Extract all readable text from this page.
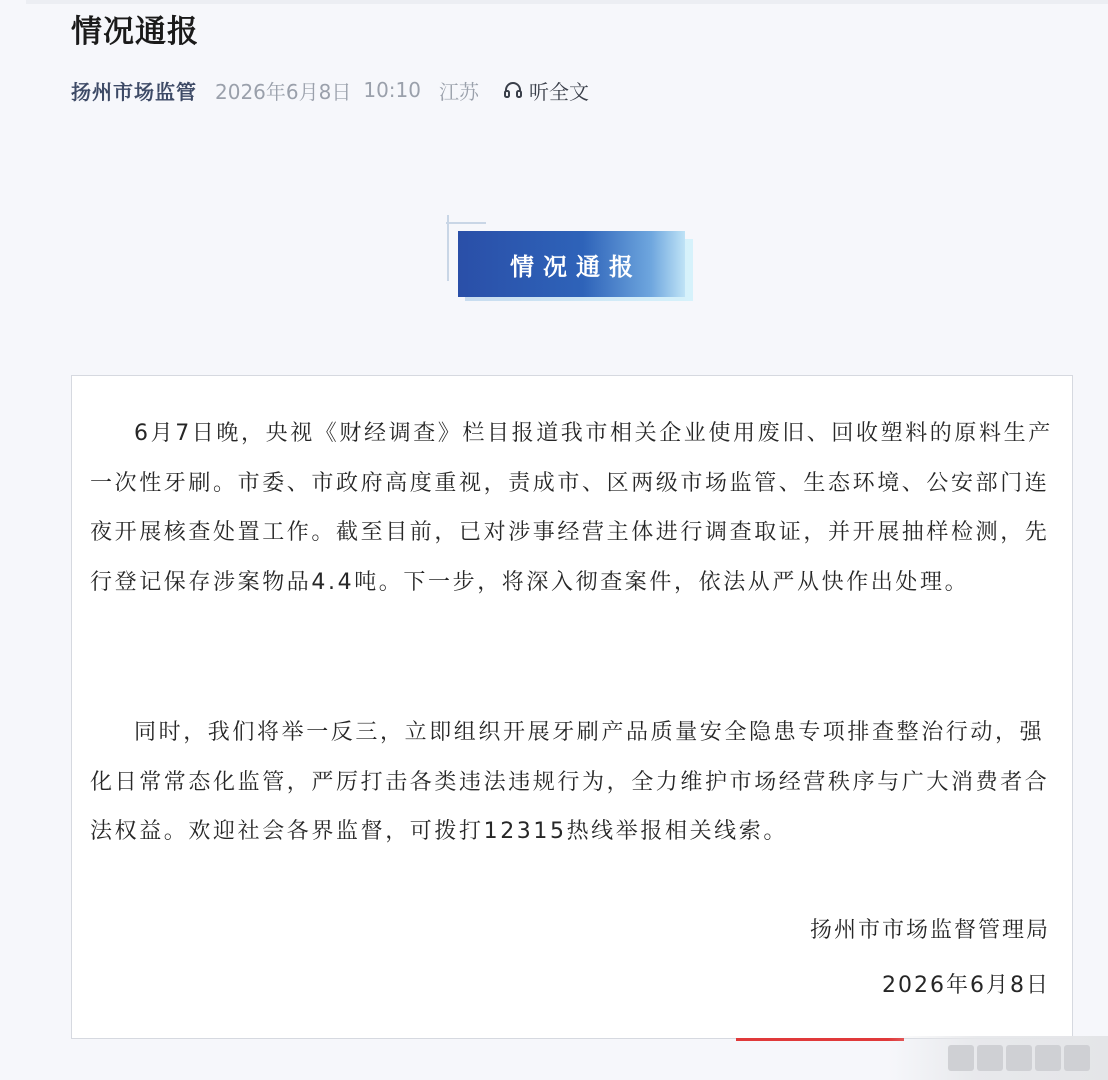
情况通报
扬州市场监管 2026年6月8日 10:10 江苏	听全文
情况通报

6月7日晚，央视《财经调查》栏目报道我市相关企业使用废旧、回收塑料的原料生产一次性牙刷。市委、市政府高度重视，责成市、区两级市场监管、生态环境、公安部门连夜开展核查处置工作。截至目前，已对涉事经营主体进行调查取证，并开展抽样检测，先行登记保存涉案物品4.4吨。下一步，将深入彻查案件，依法从严从快作出处理。

同时，我们将举一反三，立即组织开展牙刷产品质量安全隐患专项排查整治行动，强化日常常态化监管，严厉打击各类违法违规行为，全力维护市场经营秩序与广大消费者合法权益。欢迎社会各界监督，可拨打12315热线举报相关线索。

扬州市市场监督管理局
2026年6月8日
